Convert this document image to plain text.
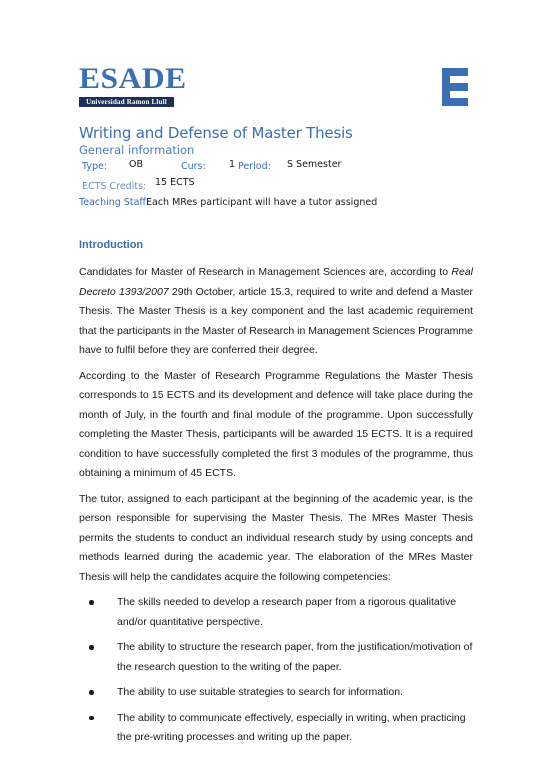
ESADE
Universidad Ramon Llull
Writing and Defense of Master Thesis
General information
Type: OB	Curs: 1 Period: S Semester
ECTS Credits: 15 ECTS
Teaching Staff:
Each MRes participant will have a tutor assigned
Introduction

Candidates for Master of Research in Management Sciences are, according to Real Decreto 1393/2007 29th October, article 15.3, required to write and defend a Master Thesis. The Master Thesis is a key component and the last academic requirement that the participants in the Master of Research in Management Sciences Programme have to fulfil before they are conferred their degree.

According to the Master of Research Programme Regulations the Master Thesis corresponds to 15 ECTS and its development and defence will take place during the month of July, in the fourth and final module of the programme. Upon successfully completing the Master Thesis, participants will be awarded 15 ECTS. It is a required condition to have successfully completed the first 3 modules of the programme, thus obtaining a minimum of 45 ECTS.

The tutor, assigned to each participant at the beginning of the academic year, is the person responsible for supervising the Master Thesis. The MRes Master Thesis permits the students to conduct an individual research study by using concepts and methods learned during the academic year. The elaboration of the MRes Master Thesis will help the candidates acquire the following competencies:

The skills needed to develop a research paper from a rigorous qualitative and/or quantitative perspective.
The ability to structure the research paper, from the justification/motivation of the research question to the writing of the paper.
The ability to use suitable strategies to search for information.
The ability to communicate effectively, especially in writing, when practicing the pre-writing processes and writing up the paper.
